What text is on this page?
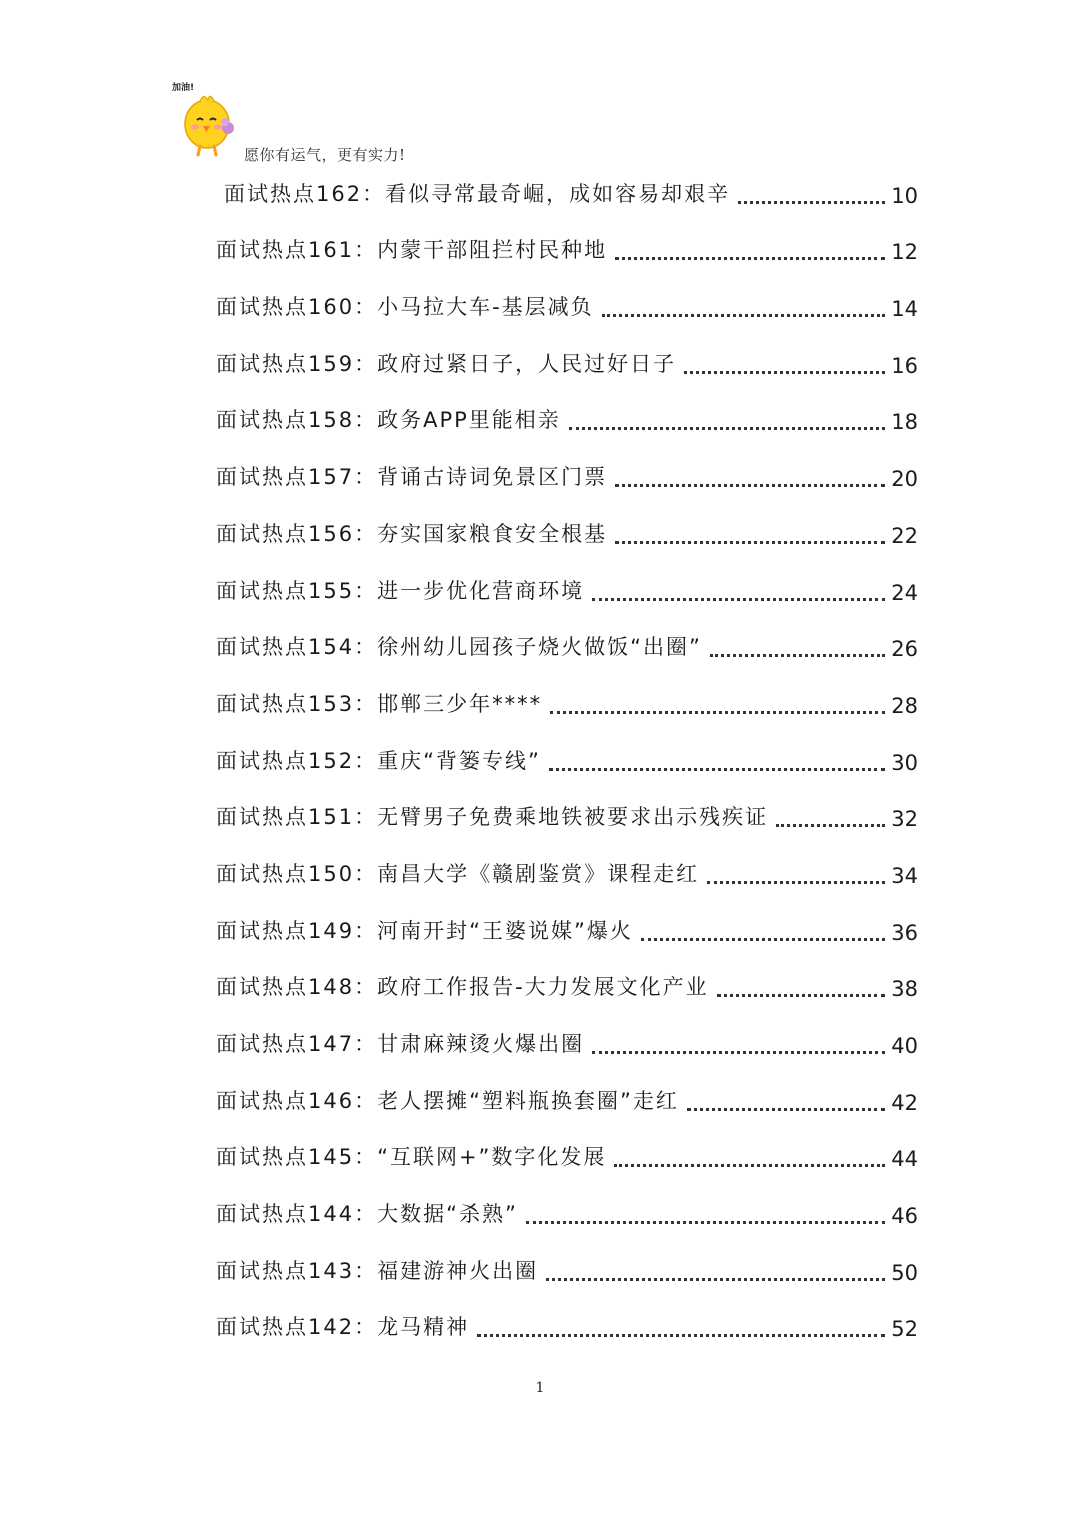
加油!
愿你有运气，更有实力!
面试热点162：看似寻常最奇崛，成如容易却艰辛	10
面试热点161：内蒙干部阻拦村民种地	12
面试热点160：小马拉大车-基层减负	14
面试热点159：政府过紧日子，人民过好日子	16
面试热点158：政务APP里能相亲	18
面试热点157：背诵古诗词免景区门票	20
面试热点156：夯实国家粮食安全根基	22
面试热点155：进一步优化营商环境	24
面试热点154：徐州幼儿园孩子烧火做饭“出圈”	26
面试热点153：邯郸三少年****	28
面试热点152：重庆“背篓专线”	30
面试热点151：无臂男子免费乘地铁被要求出示残疾证	32
面试热点150：南昌大学《赣剧鉴赏》课程走红	34
面试热点149：河南开封“王婆说媒”爆火	36
面试热点148：政府工作报告-大力发展文化产业	38
面试热点147：甘肃麻辣烫火爆出圈	40
面试热点146：老人摆摊“塑料瓶换套圈”走红	42
面试热点145：“互联网+”数字化发展	44
面试热点144：大数据“杀熟”	46
面试热点143：福建游神火出圈	50
面试热点142：龙马精神	52
1
